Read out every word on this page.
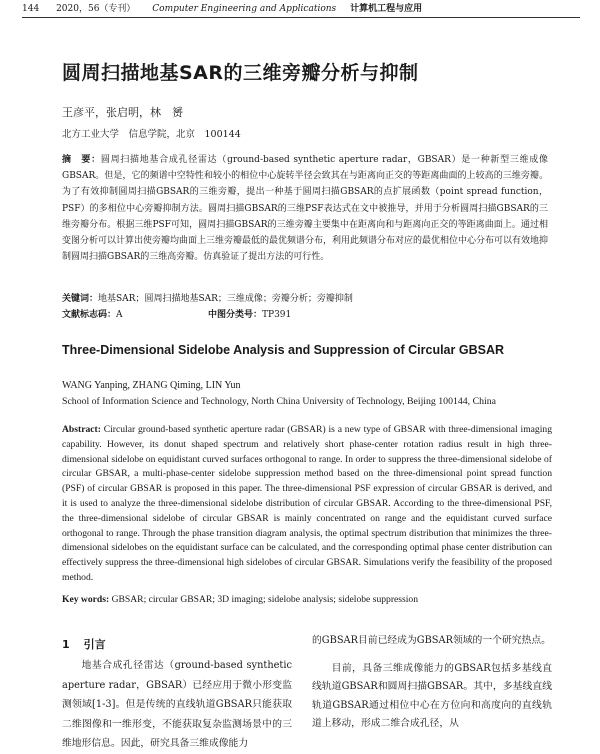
144 2020，56（专刊） Computer Engineering and Applications 计算机工程与应用
圆周扫描地基SAR的三维旁瓣分析与抑制
王彦平，张启明，林　赟
北方工业大学　信息学院，北京　100144
摘　要：圆周扫描地基合成孔径雷达（ground-based synthetic aperture radar，GBSAR）是一种新型三维成像GBSAR。但是，它的频谱中空特性和较小的相位中心旋转半径会致其在与距离向正交的等距离曲面的上较高的三维旁瓣。为了有效抑制圆周扫描GBSAR的三维旁瓣，提出一种基于圆周扫描GBSAR的点扩展函数（point spread function，PSF）的多相位中心旁瓣抑制方法。圆周扫描GBSAR的三维PSF表达式在文中被推导，并用于分析圆周扫描GBSAR的三维旁瓣分布。根据三维PSF可知，圆周扫描GBSAR的三维旁瓣主要集中在距离向和与距离向正交的等距离曲面上。通过相变图分析可以计算出使旁瓣均曲面上三维旁瓣最低的最优频谱分布，利用此频谱分布对应的最优相位中心分布可以有效地抑制圆周扫描GBSAR的三维高旁瓣。仿真验证了提出方法的可行性。
关键词：地基SAR；圆周扫描地基SAR；三维成像；旁瓣分析；旁瓣抑制
文献标志码：A	中图分类号：TP391
Three-Dimensional Sidelobe Analysis and Suppression of Circular GBSAR
WANG Yanping, ZHANG Qiming, LIN Yun
School of Information Science and Technology, North China University of Technology, Beijing 100144, China
Abstract: Circular ground-based synthetic aperture radar (GBSAR) is a new type of GBSAR with three-dimensional imaging capability. However, its donut shaped spectrum and relatively short phase-center rotation radius result in high three-dimensional sidelobe on equidistant curved surfaces orthogonal to range. In order to suppress the three-dimensional sidelobe of circular GBSAR, a multi-phase-center sidelobe suppression method based on the three-dimensional point spread function (PSF) of circular GBSAR is proposed in this paper. The three-dimensional PSF expression of circular GBSAR is derived, and it is used to analyze the three-dimensional sidelobe distribution of circular GBSAR. According to the three-dimensional PSF, the three-dimensional sidelobe of circular GBSAR is mainly concentrated on range and the equidistant curved surface orthogonal to range. Through the phase transition diagram analysis, the optimal spectrum distribution that minimizes the three-dimensional sidelobes on the equidistant surface can be calculated, and the corresponding optimal phase center distribution can effectively suppress the three-dimensional high sidelobes of circular GBSAR. Simulations verify the feasibility of the proposed method.
Key words: GBSAR; circular GBSAR; 3D imaging; sidelobe analysis; sidelobe suppression
1 引言

地基合成孔径雷达（ground-based synthetic aperture radar，GBSAR）已经应用于微小形变监测领域[1-3]。但是传统的直线轨道GBSAR只能获取二维图像和一维形变，不能获取复杂监测场景中的三维地形信息。因此，研究具备三维成像能力

的GBSAR目前已经成为GBSAR领域的一个研究热点。

目前，具备三维成像能力的GBSAR包括多基线直线轨道GBSAR和圆周扫描GBSAR。其中，多基线直线轨道GBSAR通过相位中心在方位向和高度向的直线轨道上移动，形成二维合成孔径，从
